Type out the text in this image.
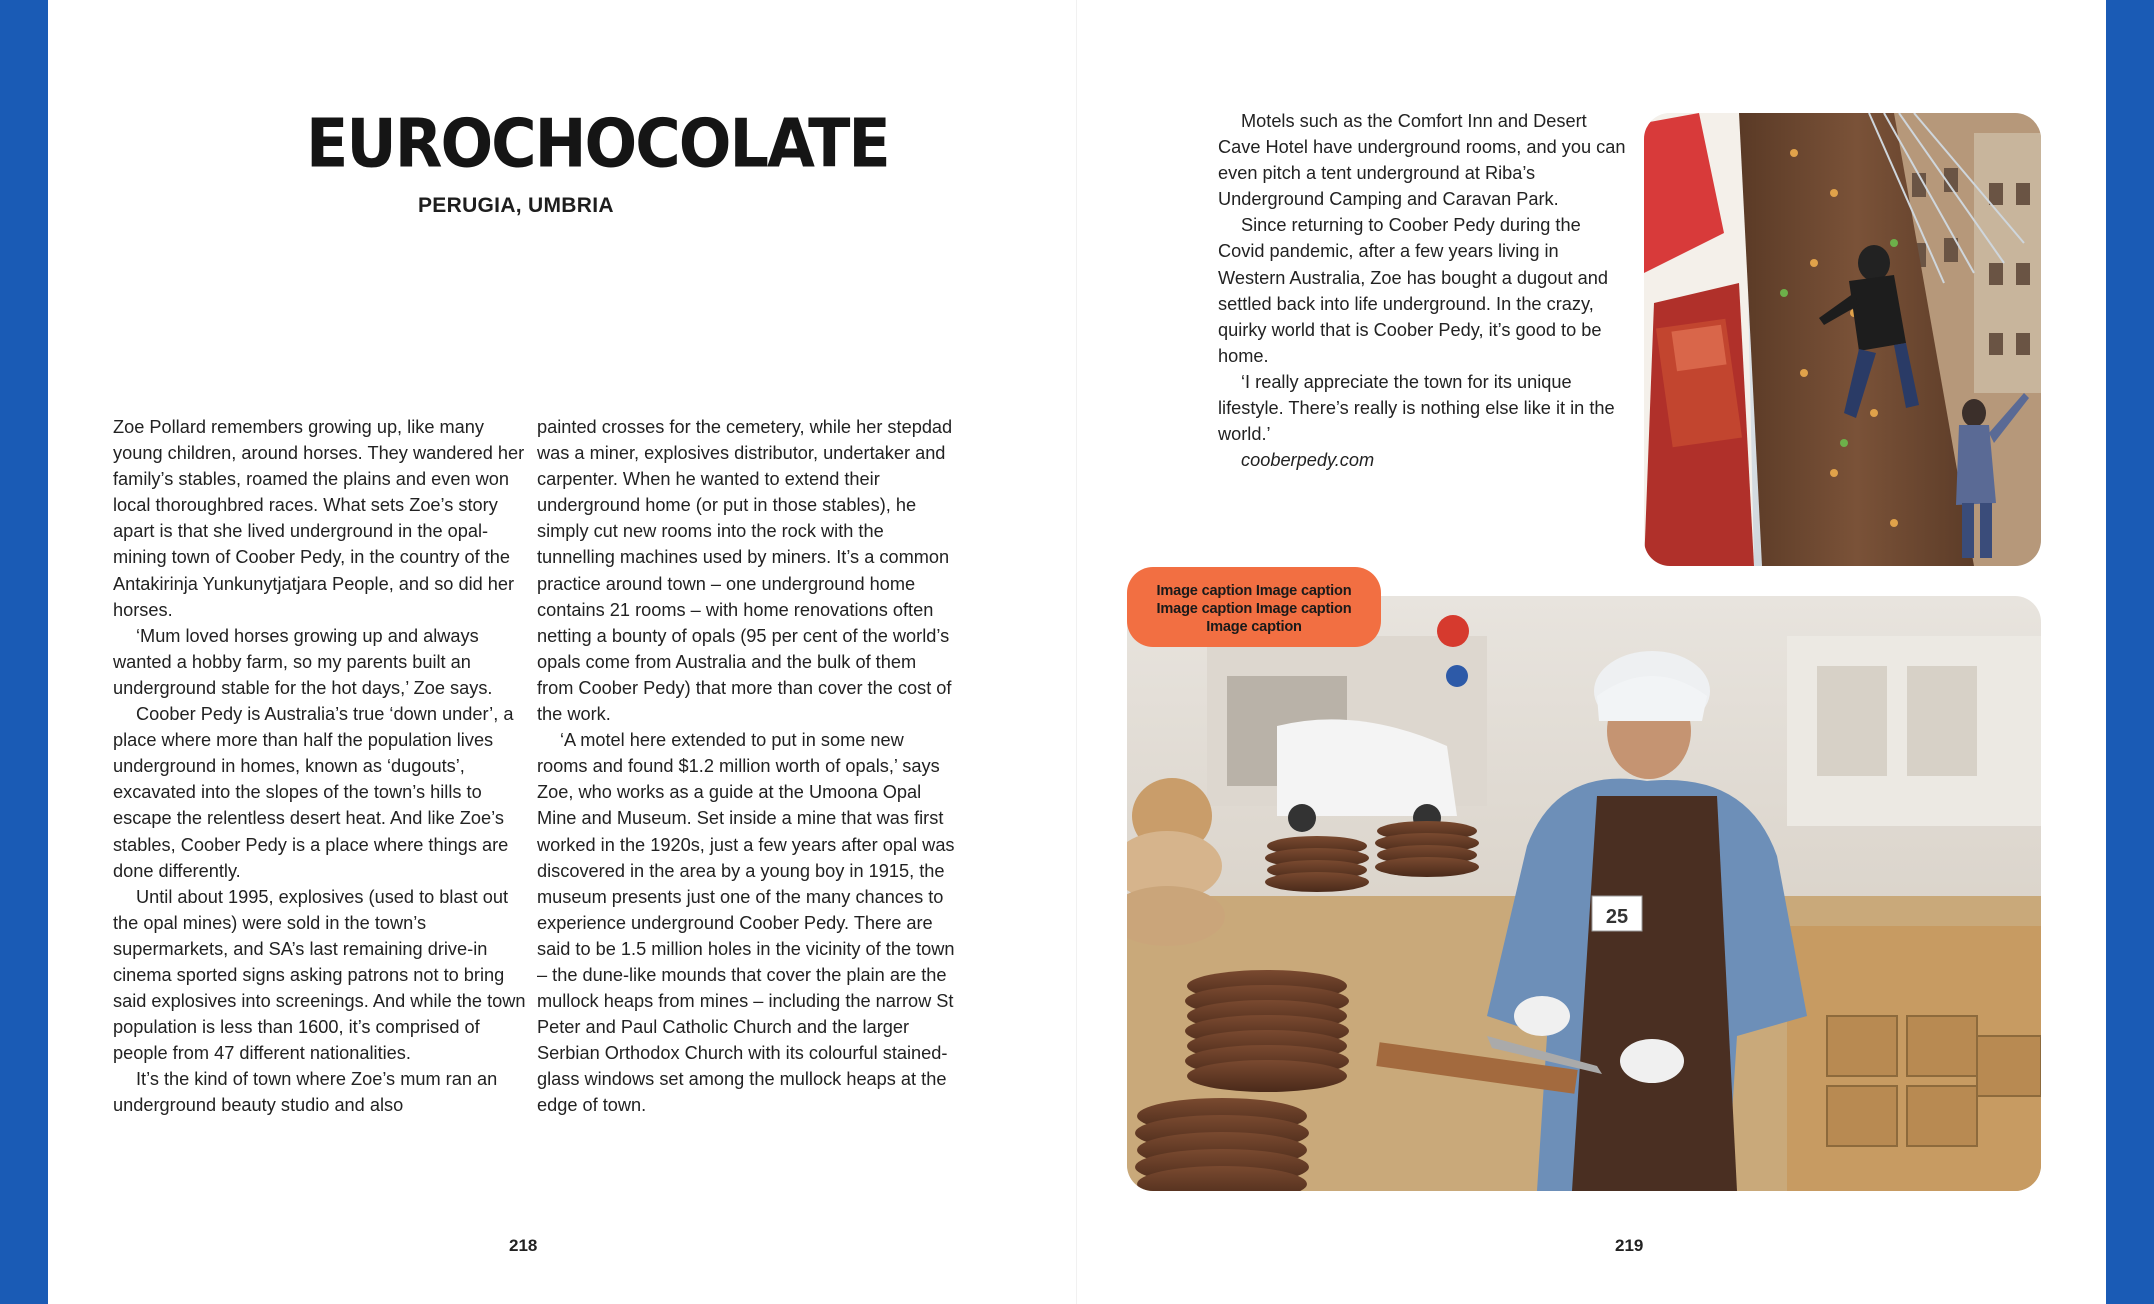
EUROCHOCOLATE
PERUGIA, UMBRIA

Zoe Pollard remembers growing up, like many young children, around horses. They wandered her family’s stables, roamed the plains and even won local thoroughbred races. What sets Zoe’s story apart is that she lived underground in the opal-mining town of Coober Pedy, in the country of the Antakirinja Yunkunytjatjara People, and so did her horses.

‘Mum loved horses growing up and always wanted a hobby farm, so my parents built an underground stable for the hot days,’ Zoe says.

Coober Pedy is Australia’s true ‘down under’, a place where more than half the population lives underground in homes, known as ‘dugouts’, excavated into the slopes of the town’s hills to escape the relentless desert heat. And like Zoe’s stables, Coober Pedy is a place where things are done differently.

Until about 1995, explosives (used to blast out the opal mines) were sold in the town’s supermarkets, and SA’s last remaining drive-in cinema sported signs asking patrons not to bring said explosives into screenings. And while the town population is less than 1600, it’s comprised of people from 47 different nationalities.

It’s the kind of town where Zoe’s mum ran an underground beauty studio and also

painted crosses for the cemetery, while her stepdad was a miner, explosives distributor, undertaker and carpenter. When he wanted to extend their underground home (or put in those stables), he simply cut new rooms into the rock with the tunnelling machines used by miners. It’s a common practice around town – one underground home contains 21 rooms – with home renovations often netting a bounty of opals (95 per cent of the world’s opals come from Australia and the bulk of them from Coober Pedy) that more than cover the cost of the work.

‘A motel here extended to put in some new rooms and found $1.2 million worth of opals,’ says Zoe, who works as a guide at the Umoona Opal Mine and Museum. Set inside a mine that was first worked in the 1920s, just a few years after opal was discovered in the area by a young boy in 1915, the museum presents just one of the many chances to experience underground Coober Pedy. There are said to be 1.5 million holes in the vicinity of the town – the dune-like mounds that cover the plain are the mullock heaps from mines – including the narrow St Peter and Paul Catholic Church and the larger Serbian Orthodox Church with its colourful stained-glass windows set among the mullock heaps at the edge of town.

218

Motels such as the Comfort Inn and Desert Cave Hotel have underground rooms, and you can even pitch a tent underground at Riba’s Underground Camping and Caravan Park.

Since returning to Coober Pedy during the Covid pandemic, after a few years living in Western Australia, Zoe has bought a dugout and settled back into life underground. In the crazy, quirky world that is Coober Pedy, it’s good to be home.

‘I really appreciate the town for its unique lifestyle. There’s really is nothing else like it in the world.’

cooberpedy.com

25
Image caption Image caption Image caption Image caption Image caption
219
